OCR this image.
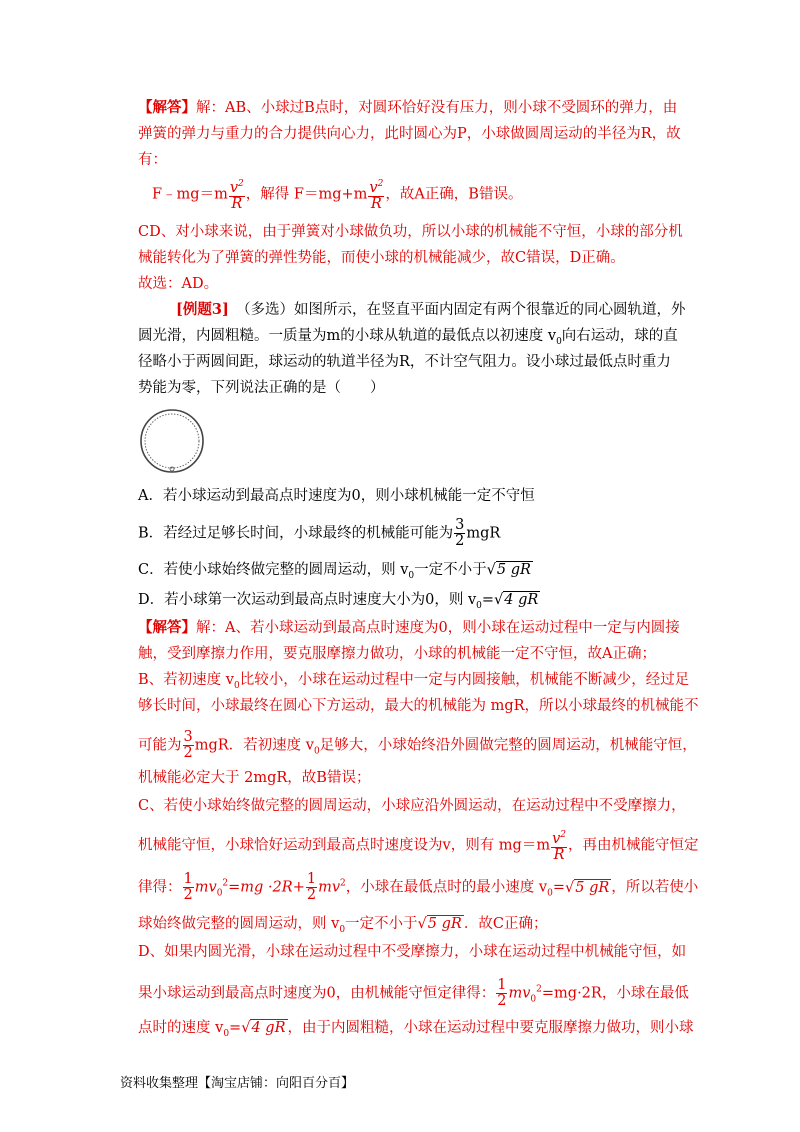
【解答】解：AB、小球过B点时，对圆环恰好没有压力，则小球不受圆环的弹力，由
弹簧的弹力与重力的合力提供向心力，此时圆心为P，小球做圆周运动的半径为R，故
有：
F﹣mg＝m $\frac{v^2}{R}$ ，解得 $F=mg+m \frac{v^2}{R}$ ，故A正确，B错误。
CD、对小球来说，由于弹簧对小球做负功，所以小球的机械能不守恒，小球的部分机
械能转化为了弹簧的弹性势能，而使小球的机械能减少，故C错误，D正确。
故选：AD。
[例题3]　 （多选）如图所示，在竖直平面内固定有两个很靠近的同心圆轨道，外
圆光滑，内圆粗糙。一质量为m的小球从轨道的最低点以初速度 $v_0$向右运动，球的直
径略小于两圆间距，球运动的轨道半径为R，不计空气阻力。设小球过最低点时重力
势能为零，下列说法正确的是（　　）
A．若小球运动到最高点时速度为0，则小球机械能一定不守恒
B．若经过足够长时间，小球最终的机械能可能为 $\frac{3}{2}$ mgR
C．若使小球始终做完整的圆周运动，则 $v_0$一定不小于√5 gR
D．若小球第一次运动到最高点时速度大小为0，则 $v_0=√4$ gR
【解答】解：A、若小球运动到最高点时速度为0，则小球在运动过程中一定与内圆接
触，受到摩擦力作用，要克服摩擦力做功，小球的机械能一定不守恒，故A正确；
B、若初速度 $v_0$比较小，小球在运动过程中一定与内圆接触，机械能不断减少，经过足
够长时间，小球最终在圆心下方运动，最大的机械能为 mgR，所以小球最终的机械能不
可能为 $\frac{3}{2}$ mgR．若初速度 $v_0$足够大，小球始终沿外圆做完整的圆周运动，机械能守恒，
机械能必定大于 2mgR，故B错误；
C、若使小球始终做完整的圆周运动，小球应沿外圆运动，在运动过程中不受摩擦力，
机械能守恒，小球恰好运动到最高点时速度设为v，则有 $mg=m \frac{v^2}{R}$ ，再由机械能守恒定
律得： $\frac{1}{2} mv_0^2=mg \cdot 2R+ \frac{1}{2} mv^2$，小球在最低点时的最小速度 $v_0=√5$ gR ，所以若使小
球始终做完整的圆周运动，则 $v_0$一定不小于√5 gR ．故C正确；
D、如果内圆光滑，小球在运动过程中不受摩擦力，小球在运动过程中机械能守恒，如
果小球运动到最高点时速度为0，由机械能守恒定律得： $\frac{1}{2} mv_0^2=mg\cdot 2R$，小球在最低
点时的速度 $v_0=√4$ gR ，由于内圆粗糙，小球在运动过程中要克服摩擦力做功，则小球
资料收集整理【淘宝店铺：向阳百分百】
